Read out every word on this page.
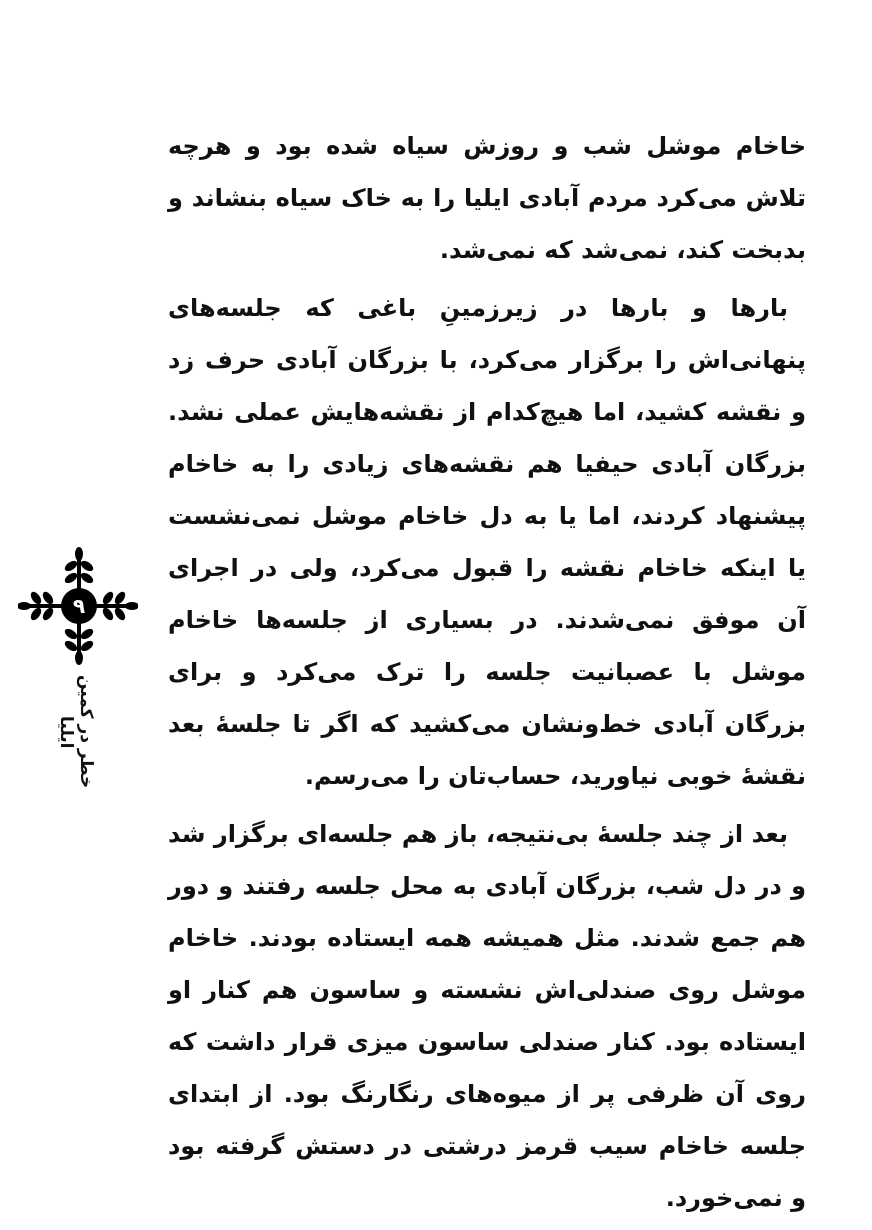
خاخام موشل شب و روزش سیاه شده بود و هرچه تلاش می‌کرد مردم آبادی ایلیا را به خاک سیاه بنشاند و بدبخت کند، نمی‌شد که نمی‌شد.

بارها و بارها در زیرزمینِ باغی که جلسه‌های پنهانی‌اش را برگزار می‌کرد، با بزرگان آبادی حرف زد و نقشه کشید، اما هیچ‌کدام از نقشه‌هایش عملی نشد. بزرگان آبادی حیفیا هم نقشه‌های زیادی را به خاخام پیشنهاد کردند، اما یا به دل خاخام موشل نمی‌نشست یا اینکه خاخام نقشه را قبول می‌کرد، ولی در اجرای آن موفق نمی‌شدند. در بسیاری از جلسه‌ها خاخام موشل با عصبانیت جلسه را ترک می‌کرد و برای بزرگان آبادی خط‌ونشان می‌کشید که اگر تا جلسهٔ بعد نقشهٔ خوبی نیاورید، حساب‌تان را می‌رسم.

بعد از چند جلسهٔ بی‌نتیجه، باز هم جلسه‌ای برگزار شد و در دل شب، بزرگان آبادی به محل جلسه رفتند و دور هم جمع شدند. مثل همیشه همه ایستاده بودند. خاخام موشل روی صندلی‌اش نشسته و ساسون هم کنار او ایستاده بود. کنار صندلی ساسون میزی قرار داشت که روی آن ظرفی پر از میوه‌های رنگارنگ بود. از ابتدای جلسه خاخام سیب قرمز درشتی در دستش گرفته بود و نمی‌خورد.

۹
خطر در کمین ایلیا
